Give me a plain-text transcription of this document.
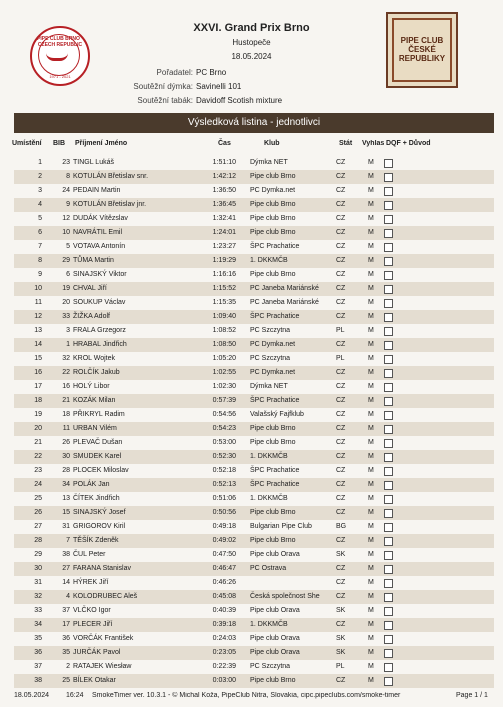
PIPE CLUB BRNO · CZECH REPUBLIC
1971 - 2021
PIPE CLUB
ČESKÉ
REPUBLIKY
XXVI. Grand Prix Brno
Hustopeče
18.05.2024
Pořadatel: PC Brno
Soutěžní dýmka: Savinelli 101
Soutěžní tabák: Davidoff Scotish mixture
Výsledková listina - jednotlivci
Umístění BIB Příjmení Jméno	Čas	Klub	Stát Vyhlas DQF + Důvod
1	23 TINGL Lukáš	1:51:10 Dýmka NET	CZ	M
2	8 KOTULÁN Břetislav snr.	1:42:12 Pipe club Brno	CZ	M
3	24 PEDAIN Martin	1:36:50 PC Dymka.net	CZ	M
4	9 KOTULÁN Břetislav jnr.	1:36:45 Pipe club Brno	CZ	M
5	12 DUDÁK Vítězslav	1:32:41 Pipe club Brno	CZ	M
6	10 NAVRÁTIL Emil	1:24:01 Pipe club Brno	CZ	M
7	5 VOTAVA Antonín	1:23:27 ŠPC Prachatice	CZ	M
8	29 TŮMA Martin	1:19:29 1. DKKMČB	CZ	M
9	6 SINAJSKÝ Viktor	1:16:16 Pipe club Brno	CZ	M
10	19 CHVAL Jiří	1:15:52 PC Janeba Mariánské CZ	M
11	20 SOUKUP Václav	1:15:35 PC Janeba Mariánské CZ	M
12	33 ŽIŽKA Adolf	1:09:40 ŠPC Prachatice	CZ	M
13	3 FRALA Grzegorz	1:08:52 PC Szczytna	PL	M
14	1 HRABAL Jindřich	1:08:50 PC Dymka.net	CZ	M
15	32 KROL Wojtek	1:05:20 PC Szczytna	PL	M
16	22 ROLČÍK Jakub	1:02:55 PC Dymka.net	CZ	M
17	16 HOLÝ Libor	1:02:30 Dýmka NET	CZ	M
18	21 KOZÁK Milan	0:57:39 ŠPC Prachatice	CZ	M
19	18 PŘIKRYL Radim	0:54:56 Valašský Fajfklub	CZ	M
20	11 URBAN Vilém	0:54:23 Pipe club Brno	CZ	M
21	26 PLEVAČ Dušan	0:53:00 Pipe club Brno	CZ	M
22	30 SMUDEK Karel	0:52:30 1. DKKMČB	CZ	M
23	28 PLOCEK Miloslav	0:52:18 ŠPC Prachatice	CZ	M
24	34 POLÁK Jan	0:52:13 ŠPC Prachatice	CZ	M
25	13 ČÍTEK Jindřich	0:51:06 1. DKKMČB	CZ	M
26	15 SINAJSKÝ Josef	0:50:56 Pipe club Brno	CZ	M
27	31 GRIGOROV Kiril	0:49:18 Bulgarian Pipe Club	BG	M
28	7 TĚŠÍK Zdeněk	0:49:02 Pipe club Brno	CZ	M
29	38 ČUL Peter	0:47:50 Pipe club Orava	SK	M
30	27 FARANA Stanislav	0:46:47 PC Ostrava	CZ	M
31	14 HÝREK Jiří	0:46:26	CZ	M
32	4 KOLODRUBEC Aleš	0:45:08 Česká společnost She CZ	M
33	37 VLČKO Igor	0:40:39 Pipe club Orava	SK	M
34	17 PLECER Jiří	0:39:18 1. DKKMČB	CZ	M
35	36 VORČÁK František	0:24:03 Pipe club Orava	SK	M
36	35 JURČÁK Pavol	0:23:05 Pipe club Orava	SK	M
37	2 RATAJEK Wiesław	0:22:39 PC Szczytna	PL	M
38	25 BÍLEK Otakar	0:03:00 Pipe club Brno	CZ	M
18.05.2024 16:24 SmokeTimer ver. 10.3.1 - © Michal Koža, PipeClub Nitra, Slovakia, cipc.pipeclubs.com/smoke-timer	Page 1 / 1
